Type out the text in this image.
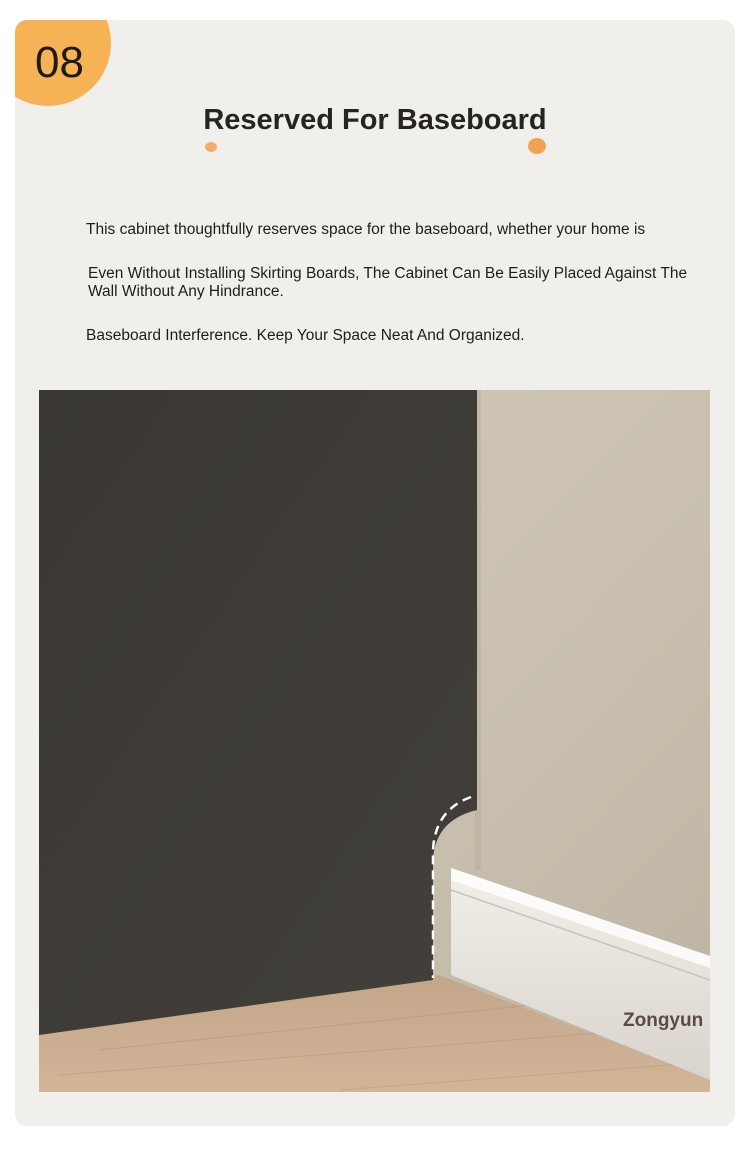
08
Reserved For Baseboard
This cabinet thoughtfully reserves space for the baseboard, whether your home is
Even Without Installing Skirting Boards, The Cabinet Can Be Easily Placed Against The Wall Without Any Hindrance.
Baseboard Interference. Keep Your Space Neat And Organized.
Zongyun
